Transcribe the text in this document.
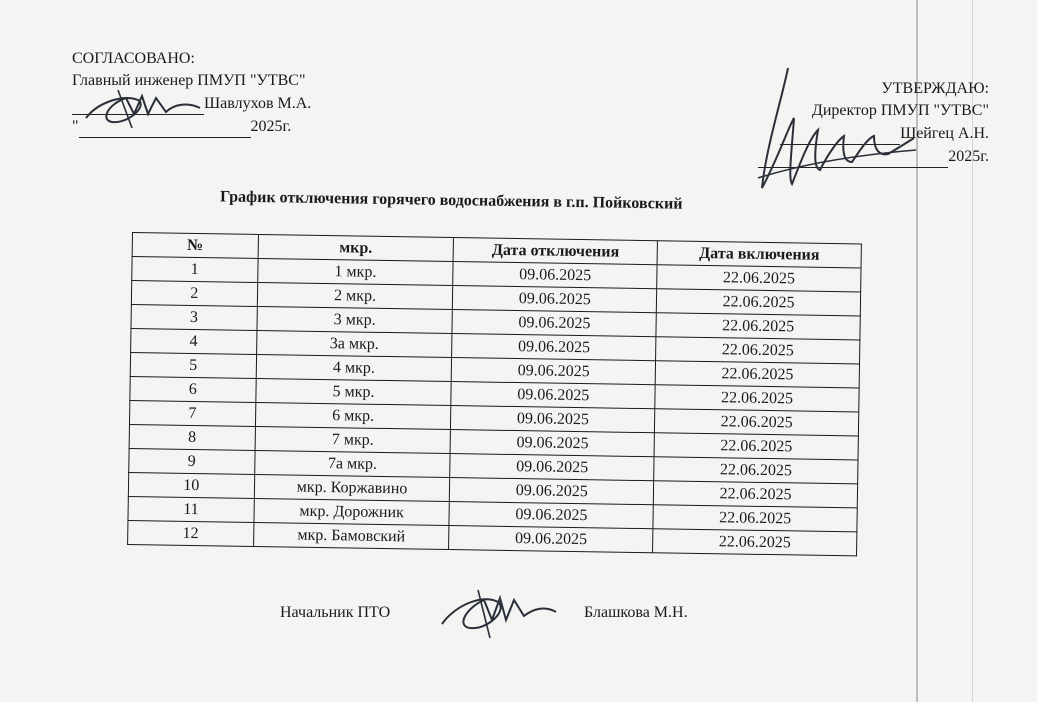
СОГЛАСОВАНО:
Главный инженер ПМУП "УТВС"
Шавлухов М.А.
"	2025г.
УТВЕРЖДАЮ:
Директор ПМУП "УТВС"
Шейгец А.Н.
2025г.
График отключения горячего водоснабжения в г.п. Пойковский
№	мкр.	Дата отключения	Дата включения
1	1 мкр.	09.06.2025	22.06.2025
2	2 мкр.	09.06.2025	22.06.2025
3	3 мкр.	09.06.2025	22.06.2025
4	3а мкр.	09.06.2025	22.06.2025
5	4 мкр.	09.06.2025	22.06.2025
6	5 мкр.	09.06.2025	22.06.2025
7	6 мкр.	09.06.2025	22.06.2025
8	7 мкр.	09.06.2025	22.06.2025
9	7а мкр.	09.06.2025	22.06.2025
10	мкр. Коржавино	09.06.2025	22.06.2025
11	мкр. Дорожник	09.06.2025	22.06.2025
12	мкр. Бамовский	09.06.2025	22.06.2025
Начальник ПТО	Блашкова М.Н.
